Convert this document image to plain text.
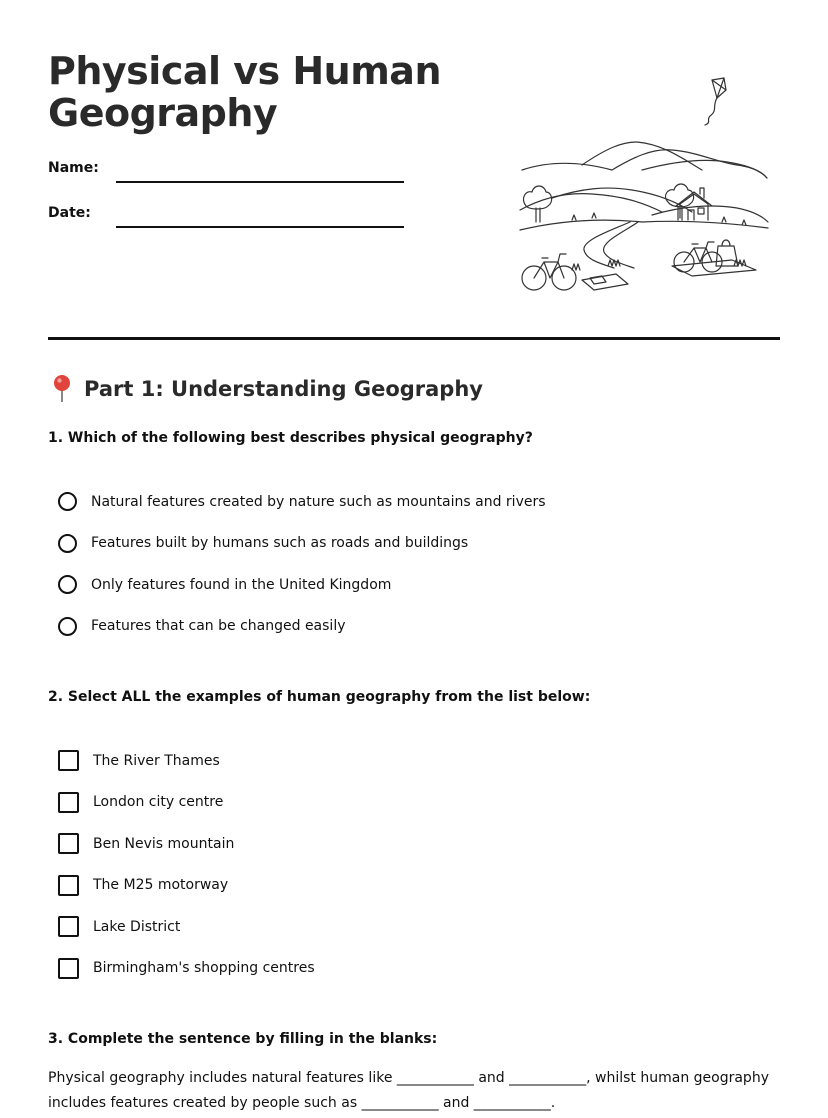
Physical vs Human Geography
Name:
Date:
Part 1: Understanding Geography
1. Which of the following best describes physical geography?
Natural features created by nature such as mountains and rivers
Features built by humans such as roads and buildings
Only features found in the United Kingdom
Features that can be changed easily
2. Select ALL the examples of human geography from the list below:
The River Thames
London city centre
Ben Nevis mountain
The M25 motorway
Lake District
Birmingham's shopping centres
3. Complete the sentence by filling in the blanks:

Physical geography includes natural features like ___________ and ___________, whilst human geography includes features created by people such as ___________ and ___________.
